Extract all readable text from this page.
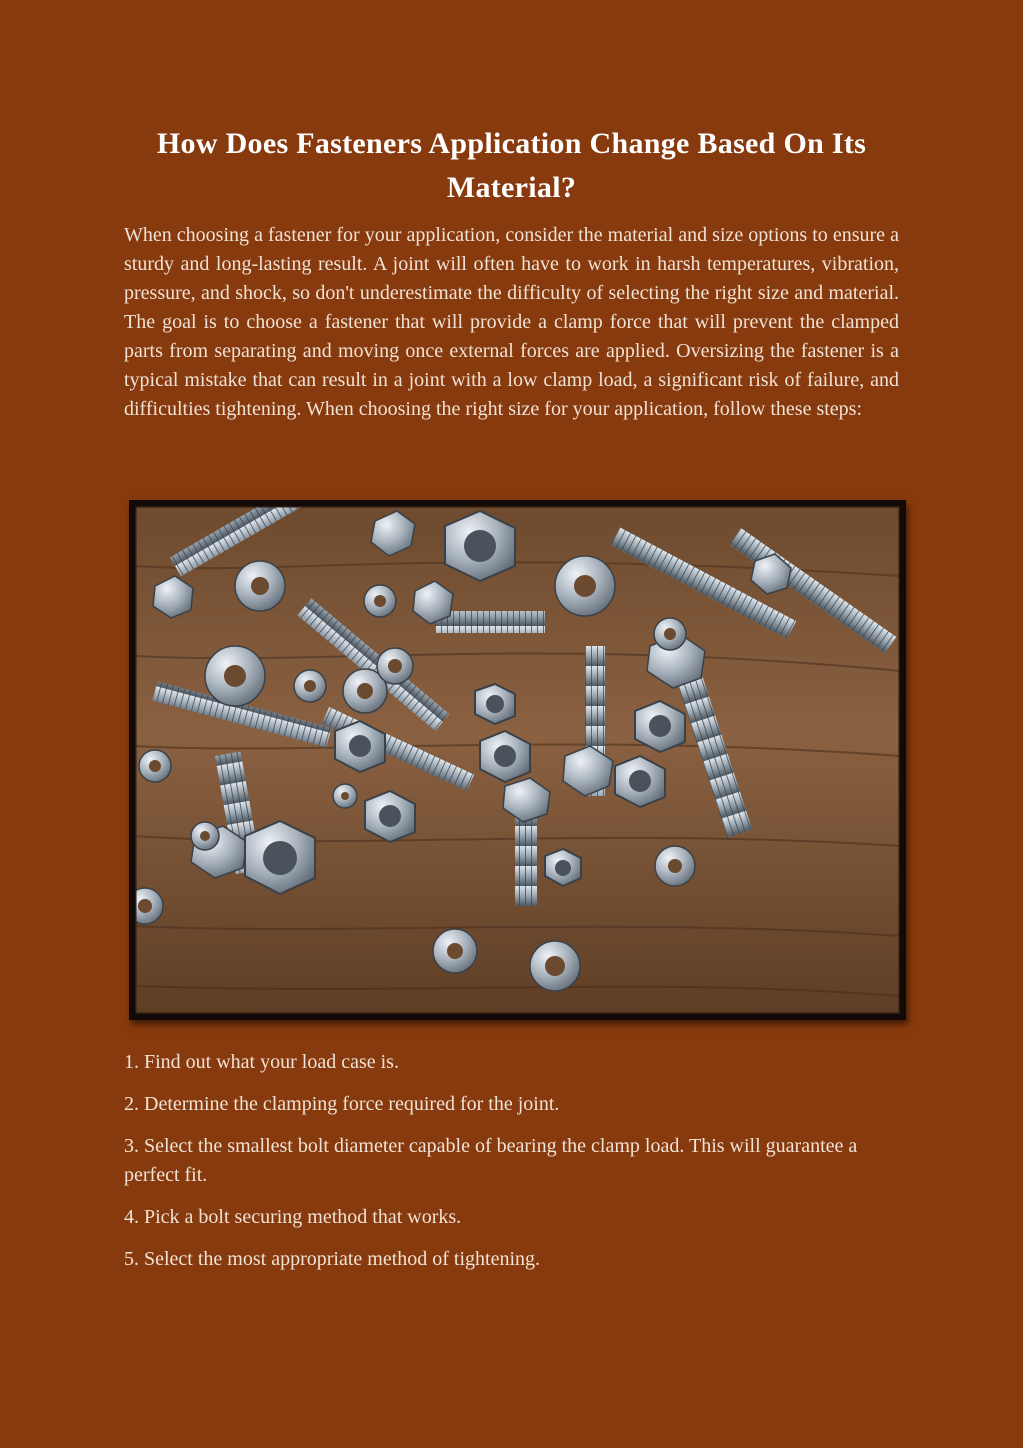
How Does Fasteners Application Change Based On Its Material?

When choosing a fastener for your application, consider the material and size options to ensure a sturdy and long-lasting result. A joint will often have to work in harsh temperatures, vibration, pressure, and shock, so don't underestimate the difficulty of selecting the right size and material. The goal is to choose a fastener that will provide a clamp force that will prevent the clamped parts from separating and moving once external forces are applied. Oversizing the fastener is a typical mistake that can result in a joint with a low clamp load, a significant risk of failure, and difficulties tightening. When choosing the right size for your application, follow these steps:

1. Find out what your load case is.
2. Determine the clamping force required for the joint.
3. Select the smallest bolt diameter capable of bearing the clamp load. This will guarantee a perfect fit.
4. Pick a bolt securing method that works.
5. Select the most appropriate method of tightening.
